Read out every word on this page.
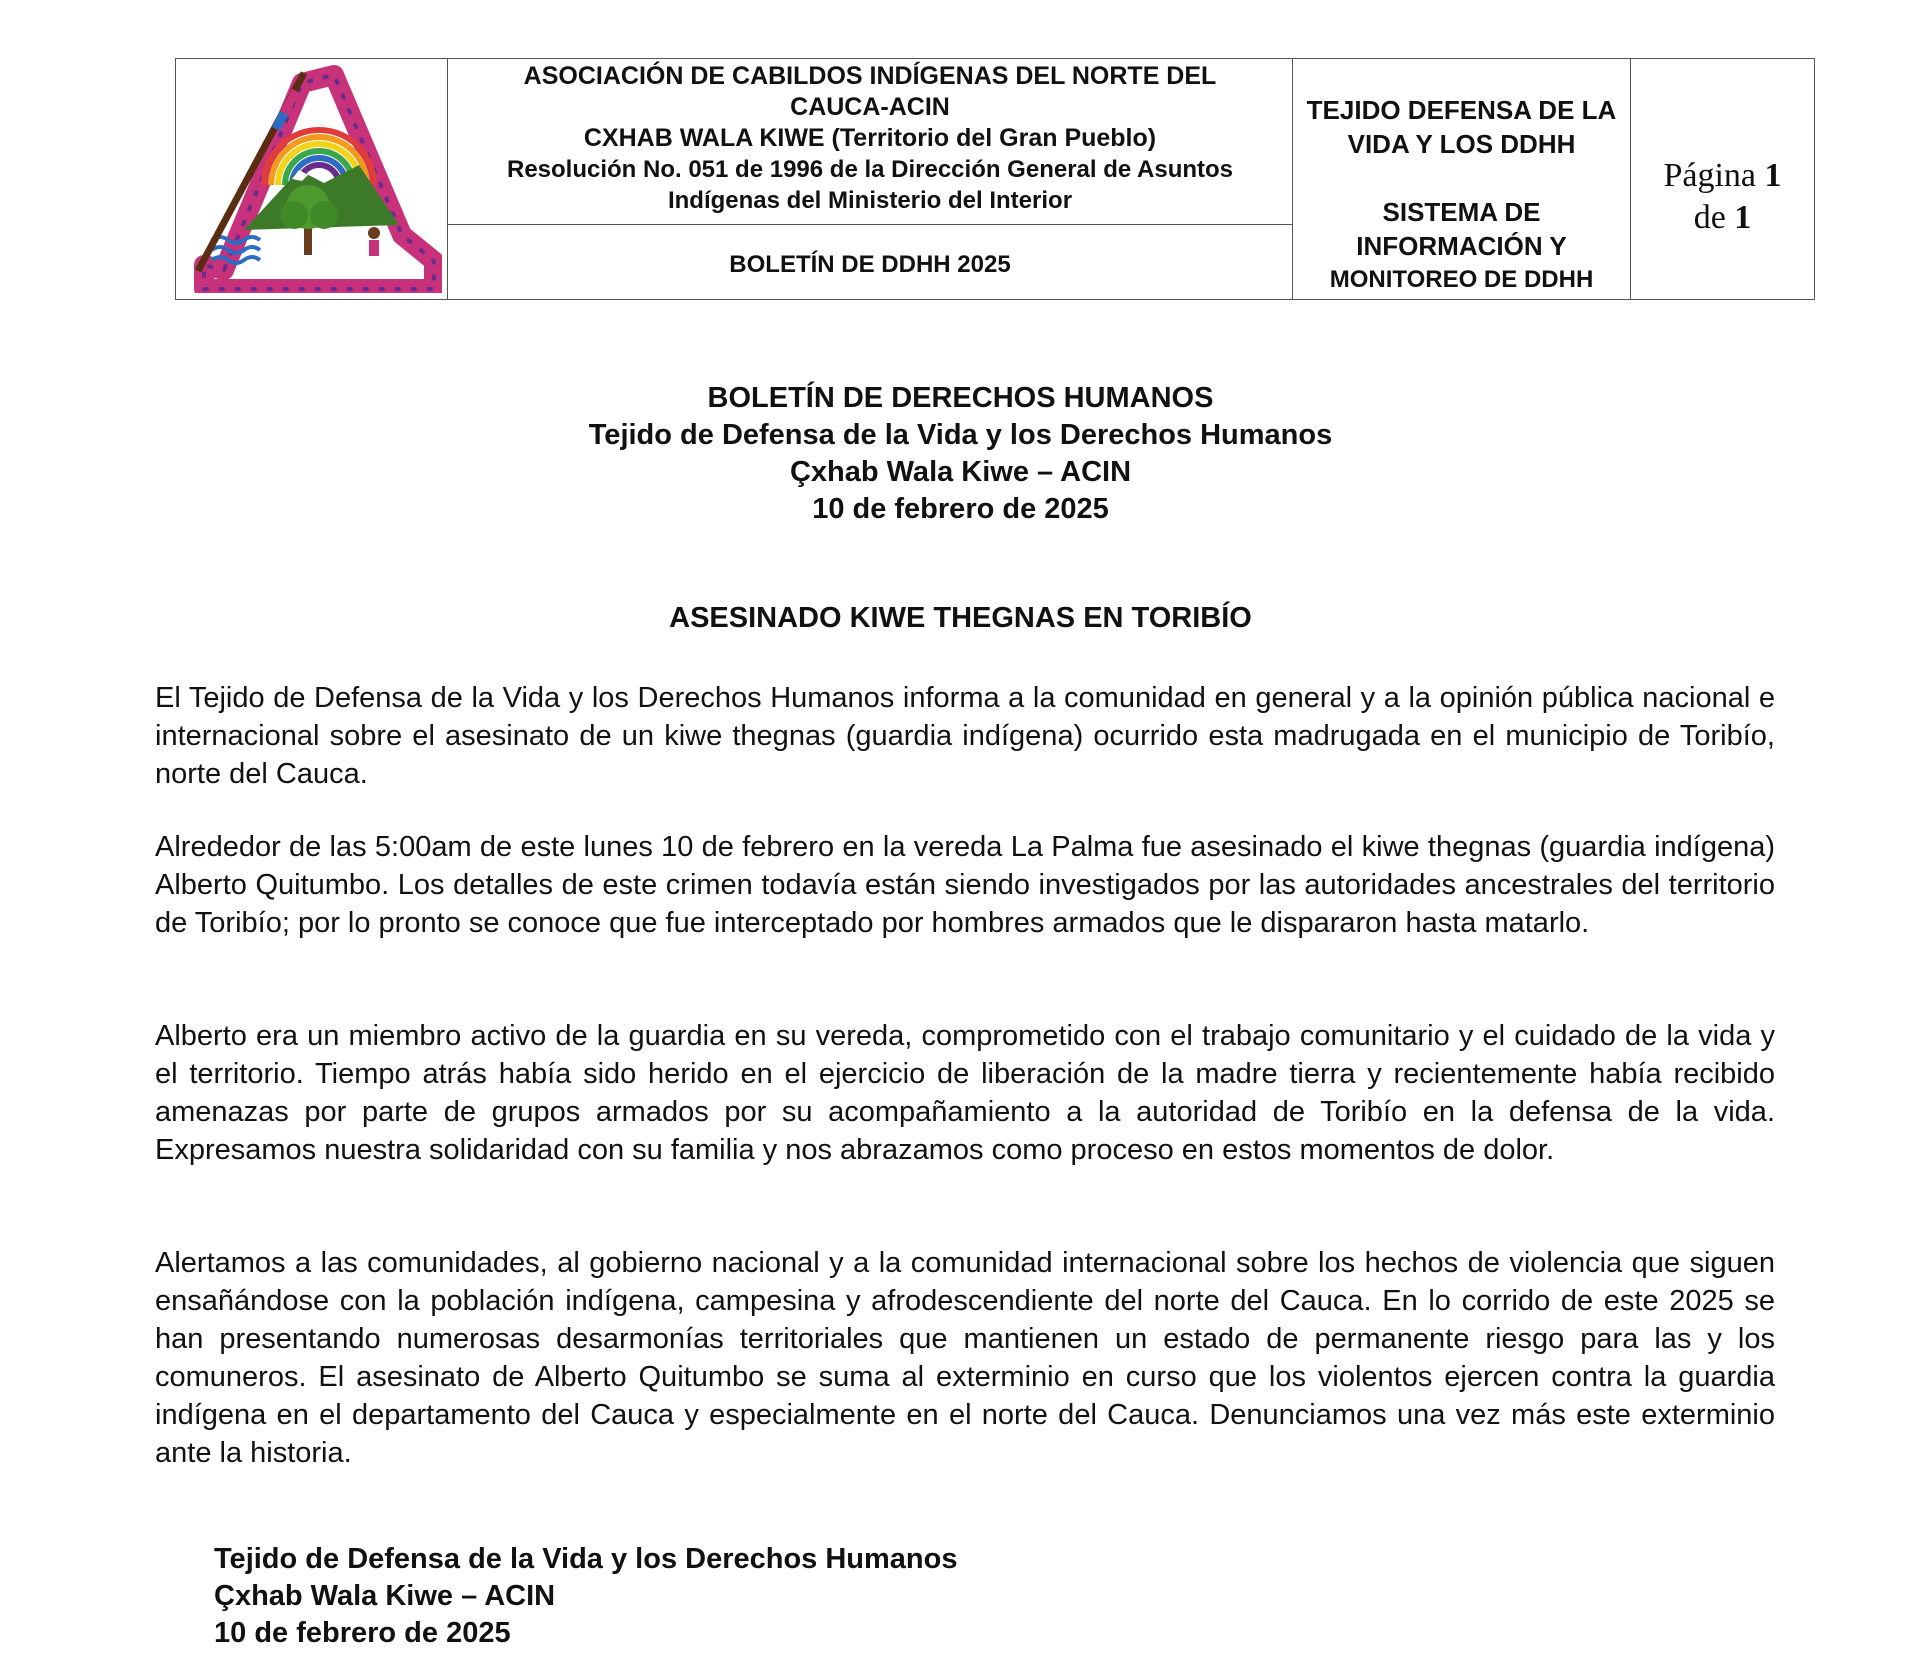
ASOCIACIÓN DE CABILDOS INDÍGENAS DEL NORTE DEL
CAUCA-ACIN
CXHAB WALA KIWE (Territorio del Gran Pueblo)
Resolución No. 051 de 1996 de la Dirección General de Asuntos
Indígenas del Ministerio del Interior
BOLETÍN DE DDHH 2025
TEJIDO DEFENSA DE LA
VIDA Y LOS DDHH
SISTEMA DE
INFORMACIÓN Y
MONITOREO DE DDHH
Página 1
de 1
BOLETÍN DE DERECHOS HUMANOS
Tejido de Defensa de la Vida y los Derechos Humanos
Çxhab Wala Kiwe – ACIN
10 de febrero de 2025
ASESINADO KIWE THEGNAS EN TORIBÍO

El Tejido de Defensa de la Vida y los Derechos Humanos informa a la comunidad en general y a la opinión pública nacional e internacional sobre el asesinato de un kiwe thegnas (guardia indígena) ocurrido esta madrugada en el municipio de Toribío, norte del Cauca.

Alrededor de las 5:00am de este lunes 10 de febrero en la vereda La Palma fue asesinado el kiwe thegnas (guardia indígena) Alberto Quitumbo. Los detalles de este crimen todavía están siendo investigados por las autoridades ancestrales del territorio de Toribío; por lo pronto se conoce que fue interceptado por hombres armados que le dispararon hasta matarlo.

Alberto era un miembro activo de la guardia en su vereda, comprometido con el trabajo comunitario y el cuidado de la vida y el territorio. Tiempo atrás había sido herido en el ejercicio de liberación de la madre tierra y recientemente había recibido amenazas por parte de grupos armados por su acompañamiento a la autoridad de Toribío en la defensa de la vida. Expresamos nuestra solidaridad con su familia y nos abrazamos como proceso en estos momentos de dolor.

Alertamos a las comunidades, al gobierno nacional y a la comunidad internacional sobre los hechos de violencia que siguen ensañándose con la población indígena, campesina y afrodescendiente del norte del Cauca. En lo corrido de este 2025 se han presentando numerosas desarmonías territoriales que mantienen un estado de permanente riesgo para las y los comuneros. El asesinato de Alberto Quitumbo se suma al exterminio en curso que los violentos ejercen contra la guardia indígena en el departamento del Cauca y especialmente en el norte del Cauca. Denunciamos una vez más este exterminio ante la historia.

Tejido de Defensa de la Vida y los Derechos Humanos
Çxhab Wala Kiwe – ACIN
10 de febrero de 2025
